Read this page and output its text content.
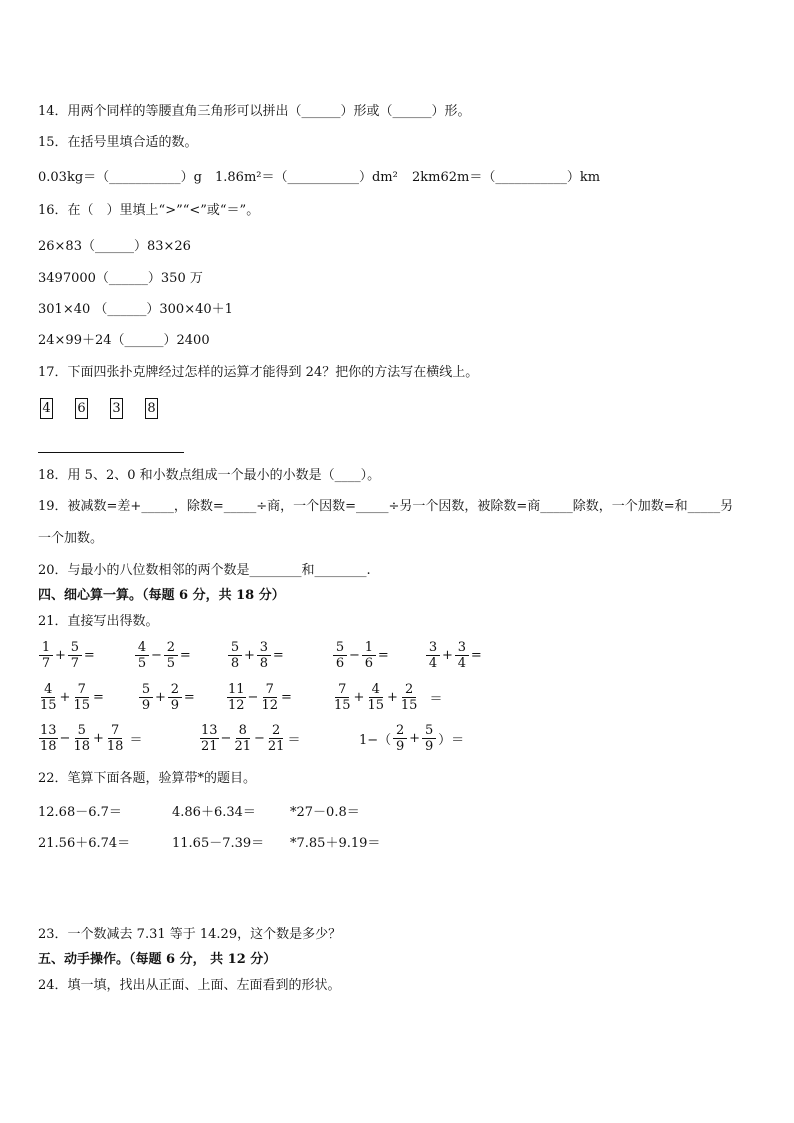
14．用两个同样的等腰直角三角形可以拼出（______）形或（______）形。
15．在括号里填合适的数。
0.03kg＝（___________）g 1.86m²＝（___________）dm² 2km62m＝（___________）km
16．在（　）里填上“>”“<”或“＝”。
26×83（______）83×26
3497000（______）350 万
301×40 （______）300×40＋1
24×99＋24（______）2400
17．下面四张扑克牌经过怎样的运算才能得到 24？把你的方法写在横线上。
4 6 3 8
18．用 5、2、0 和小数点组成一个最小的小数是（____）。
19．被减数=差+_____，除数=_____÷商，一个因数=_____÷另一个因数，被除数=商_____除数，一个加数=和_____另
一个加数。
20．与最小的八位数相邻的两个数是________和________.
四、细心算一算。（每题 6 分，共 18 分）
21．直接写出得数。
$\frac{1}{7} + \frac{5}{7}$ =	$\frac{4}{5} - \frac{2}{5}$ =	$\frac{5}{8} + \frac{3}{8}$ =	$\frac{5}{6} - \frac{1}{6}$ =	$\frac{3}{4} + \frac{3}{4}$ =
$\frac{4}{15} + \frac{7}{15}$ =	$\frac{5}{9} + \frac{2}{9} = \frac{11}{12} - \frac{7}{12}$ =	$\frac{7}{15} + \frac{4}{15} + \frac{2}{15}$ ＝
$\frac{13}{18} - \frac{5}{18} + \frac{7}{18}$ ＝	$\frac{13}{21} - \frac{8}{21} - \frac{2}{21}$ ＝	$1-( \frac{2}{9} + \frac{5}{9}$ ）＝
22．笔算下面各题，验算带*的题目。
12.68－6.7＝	4.86＋6.34＝	*27－0.8＝
21.56＋6.74＝	11.65－7.39＝ *7.85＋9.19＝
23．一个数减去 7.31 等于 14.29，这个数是多少？
五、动手操作。（每题 6 分， 共 12 分）
24．填一填，找出从正面、上面、左面看到的形状。
